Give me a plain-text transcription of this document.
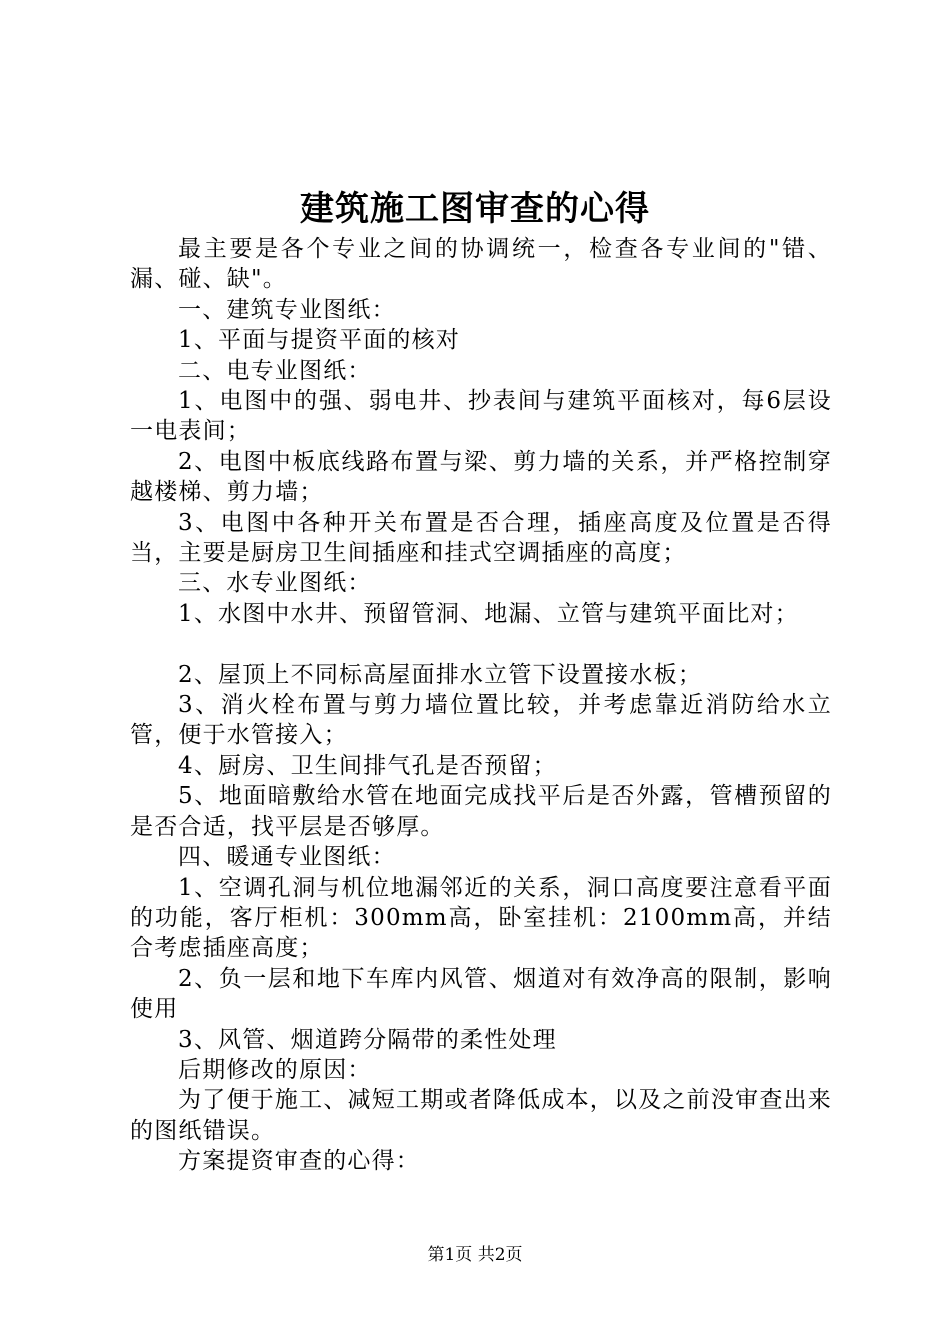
建筑施工图审查的心得

最主要是各个专业之间的协调统一，检查各专业间的"错、漏、碰、缺"。

一、建筑专业图纸：

1、平面与提资平面的核对

二、电专业图纸：

1、电图中的强、弱电井、抄表间与建筑平面核对，每6层设一电表间；

2、电图中板底线路布置与梁、剪力墙的关系，并严格控制穿越楼梯、剪力墙；

3、电图中各种开关布置是否合理，插座高度及位置是否得当，主要是厨房卫生间插座和挂式空调插座的高度；

三、水专业图纸：

1、水图中水井、预留管洞、地漏、立管与建筑平面比对；

2、屋顶上不同标高屋面排水立管下设置接水板；

3、消火栓布置与剪力墙位置比较，并考虑靠近消防给水立管，便于水管接入；

4、厨房、卫生间排气孔是否预留；

5、地面暗敷给水管在地面完成找平后是否外露，管槽预留的是否合适，找平层是否够厚。

四、暖通专业图纸：

1、空调孔洞与机位地漏邻近的关系，洞口高度要注意看平面的功能，客厅柜机：300mm高，卧室挂机：2100mm高，并结合考虑插座高度；

2、负一层和地下车库内风管、烟道对有效净高的限制，影响使用

3、风管、烟道跨分隔带的柔性处理

后期修改的原因：

为了便于施工、减短工期或者降低成本，以及之前没审查出来的图纸错误。

方案提资审查的心得：

第1页 共2页
